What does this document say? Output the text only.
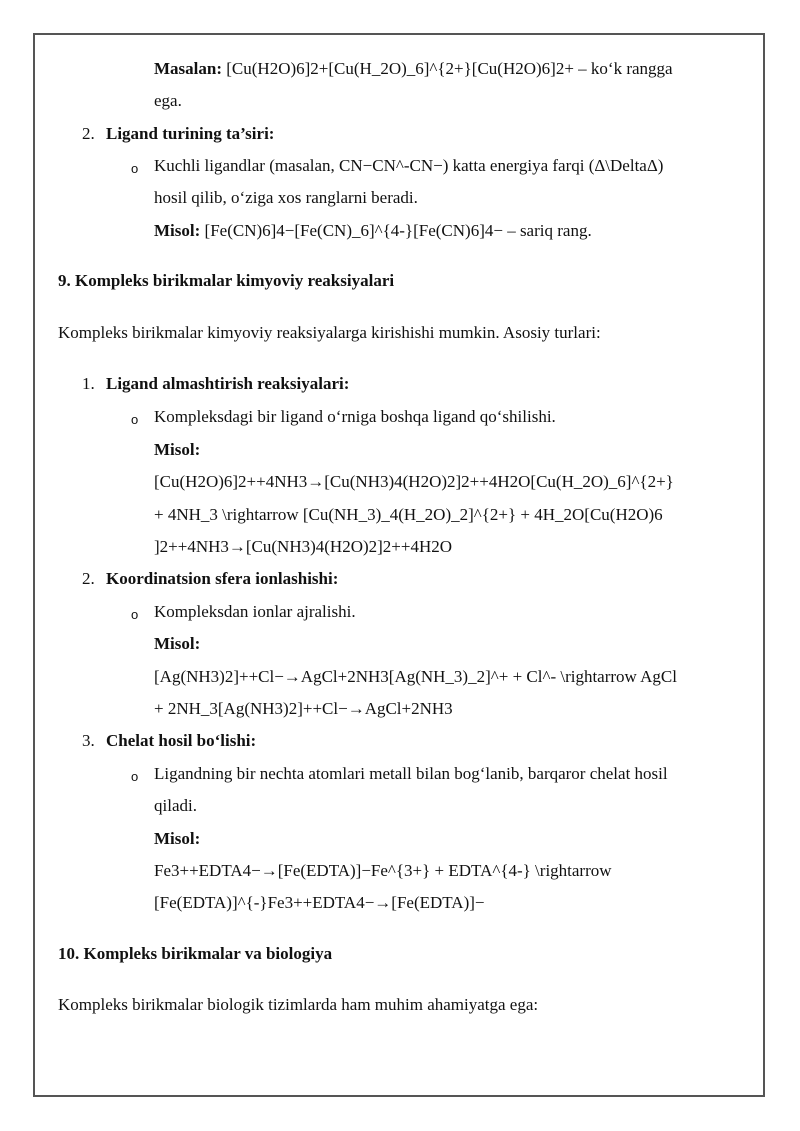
Masalan: [Cu(H2O)6]2+[Cu(H_2O)_6]^{2+}[Cu(H2O)6]2+ – ko‘k rangga
ega.
2. Ligand turining ta’siri:
o Kuchli ligandlar (masalan, CN−CN^-CN−) katta energiya farqi (Δ\DeltaΔ)
hosil qilib, o‘ziga xos ranglarni beradi.
Misol: [Fe(CN)6]4−[Fe(CN)_6]^{4-}[Fe(CN)6]4− – sariq rang.
9. Kompleks birikmalar kimyoviy reaksiyalari
Kompleks birikmalar kimyoviy reaksiyalarga kirishishi mumkin. Asosiy turlari:
1. Ligand almashtirish reaksiyalari:
o Kompleksdagi bir ligand o‘rniga boshqa ligand qo‘shilishi.
Misol:
[Cu(H2O)6]2++4NH3→[Cu(NH3)4(H2O)2]2++4H2O[Cu(H_2O)_6]^{2+}
+ 4NH_3 \rightarrow [Cu(NH_3)_4(H_2O)_2]^{2+} + 4H_2O[Cu(H2O)6
]2++4NH3→[Cu(NH3)4(H2O)2]2++4H2O
2. Koordinatsion sfera ionlashishi:
o Kompleksdan ionlar ajralishi.
Misol:
[Ag(NH3)2]++Cl−→AgCl+2NH3[Ag(NH_3)_2]^+ + Cl^- \rightarrow AgCl
+ 2NH_3[Ag(NH3)2]++Cl−→AgCl+2NH3
3. Chelat hosil bo‘lishi:
o Ligandning bir nechta atomlari metall bilan bog‘lanib, barqaror chelat hosil
qiladi.
Misol:
Fe3++EDTA4−→[Fe(EDTA)]−Fe^{3+} + EDTA^{4-} \rightarrow
[Fe(EDTA)]^{-}Fe3++EDTA4−→[Fe(EDTA)]−
10. Kompleks birikmalar va biologiya
Kompleks birikmalar biologik tizimlarda ham muhim ahamiyatga ega:
